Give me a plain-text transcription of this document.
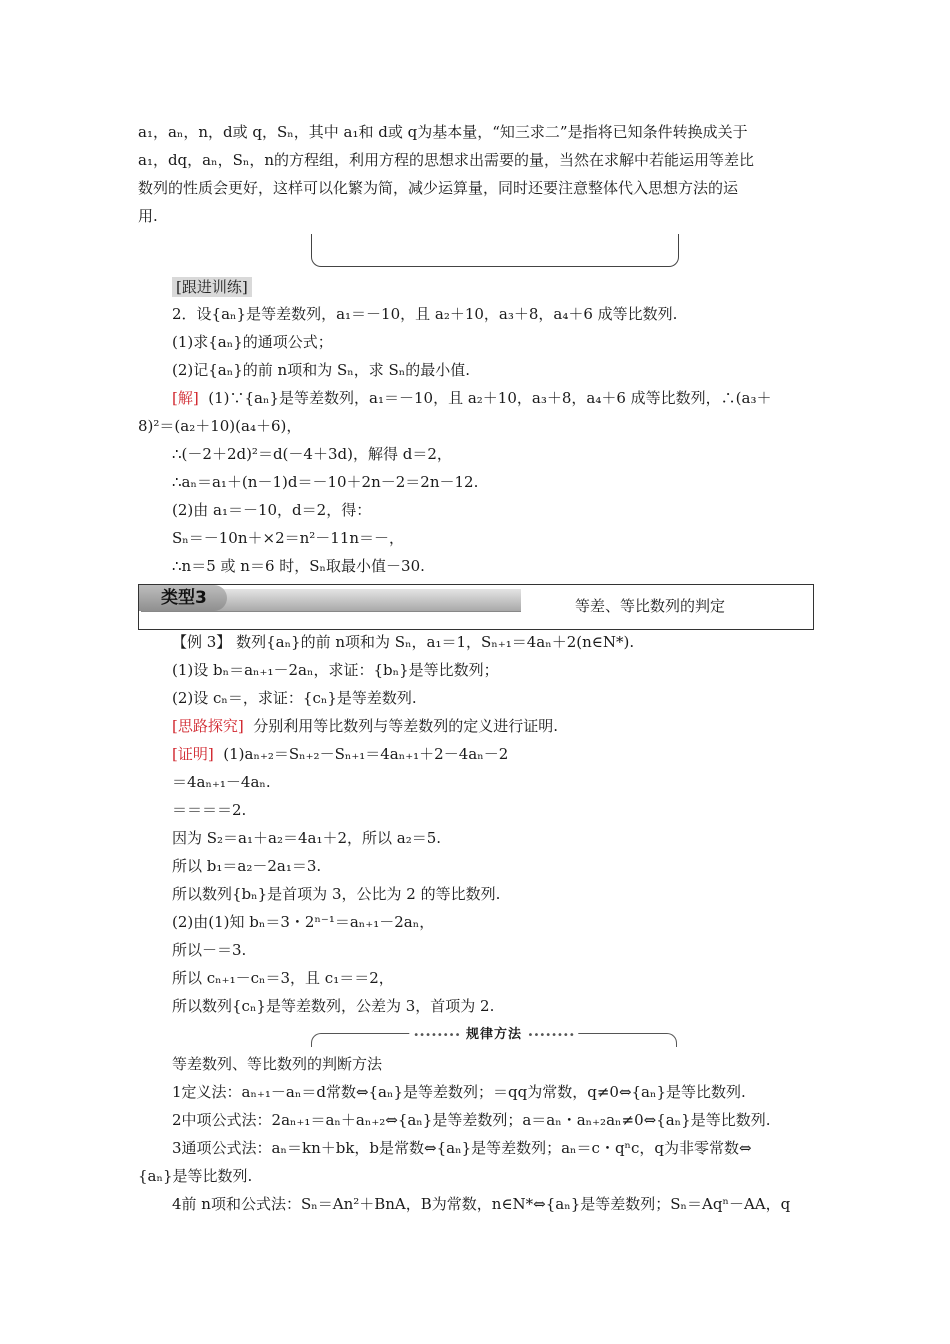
a₁，aₙ，n，d或 q，Sₙ，其中 a₁和 d或 q为基本量，“知三求二”是指将已知条件转换成关于
a₁，dq，aₙ，Sₙ，n的方程组，利用方程的思想求出需要的量，当然在求解中若能运用等差比
数列的性质会更好，这样可以化繁为简，减少运算量，同时还要注意整体代入思想方法的运
用.
[跟进训练]
2．设{aₙ}是等差数列，a₁＝－10，且 a₂＋10，a₃＋8，a₄＋6 成等比数列.
(1)求{aₙ}的通项公式；
(2)记{aₙ}的前 n项和为 Sₙ，求 Sₙ的最小值.
[解] (1)∵{aₙ}是等差数列，a₁＝－10，且 a₂＋10，a₃＋8，a₄＋6 成等比数列，∴(a₃＋
8)²＝(a₂＋10)(a₄＋6)，
∴(－2＋2d)²＝d(－4＋3d)，解得 d＝2，
∴aₙ＝a₁＋(n－1)d＝－10＋2n－2＝2n－12.
(2)由 a₁＝－10，d＝2，得：
Sₙ＝－10n＋×2＝n²－11n＝－，
∴n＝5 或 n＝6 时，Sₙ取最小值－30.
类型3	等差、等比数列的判定
【例 3】 数列{aₙ}的前 n项和为 Sₙ，a₁＝1，Sₙ₊₁＝4aₙ＋2(n∈N*).
(1)设 bₙ＝aₙ₊₁－2aₙ，求证：{bₙ}是等比数列；
(2)设 cₙ＝，求证：{cₙ}是等差数列.
[思路探究] 分别利用等比数列与等差数列的定义进行证明.
[证明] (1)aₙ₊₂＝Sₙ₊₂－Sₙ₊₁＝4aₙ₊₁＋2－4aₙ－2
＝4aₙ₊₁－4aₙ.
＝＝＝＝2.
因为 S₂＝a₁＋a₂＝4a₁＋2，所以 a₂＝5.
所以 b₁＝a₂－2a₁＝3.
所以数列{bₙ}是首项为 3，公比为 2 的等比数列.
(2)由(1)知 bₙ＝3・2ⁿ⁻¹＝aₙ₊₁－2aₙ，
所以－＝3.
所以 cₙ₊₁－cₙ＝3，且 c₁＝＝2，
所以数列{cₙ}是等差数列，公差为 3，首项为 2.
•••••••• 规律方法 ••••••••
等差数列、等比数列的判断方法
1定义法：aₙ₊₁－aₙ＝d常数⇔{aₙ}是等差数列；＝qq为常数，q≠0⇔{aₙ}是等比数列.
2中项公式法：2aₙ₊₁＝aₙ＋aₙ₊₂⇔{aₙ}是等差数列；a＝aₙ・aₙ₊₂aₙ≠0⇔{aₙ}是等比数列.
3通项公式法：aₙ＝kn＋bk，b是常数⇔{aₙ}是等差数列；aₙ＝c・qⁿc，q为非零常数⇔
{aₙ}是等比数列.
4前 n项和公式法：Sₙ＝An²＋BnA，B为常数，n∈N*⇔{aₙ}是等差数列；Sₙ＝Aqⁿ－AA，q
